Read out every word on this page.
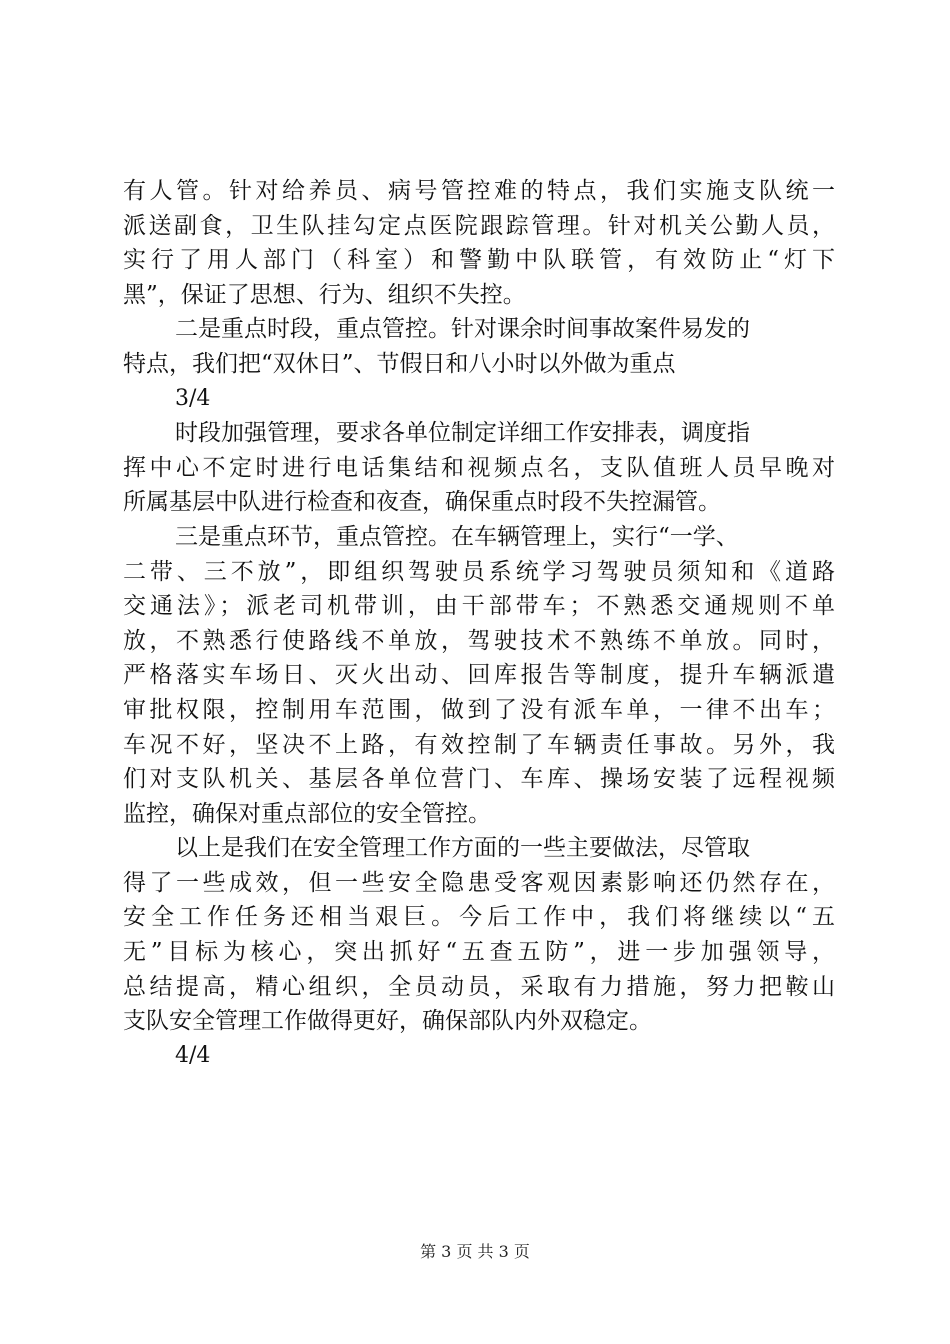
有人管。针对给养员、病号管控难的特点，我们实施支队统一
派送副食，卫生队挂勾定点医院跟踪管理。针对机关公勤人员，
实行了用人部门（科室）和警勤中队联管，有效防止“灯下
黑”，保证了思想、行为、组织不失控。
二是重点时段，重点管控。针对课余时间事故案件易发的
特点，我们把“双休日”、节假日和八小时以外做为重点
3/4
时段加强管理，要求各单位制定详细工作安排表，调度指
挥中心不定时进行电话集结和视频点名，支队值班人员早晚对
所属基层中队进行检查和夜查，确保重点时段不失控漏管。
三是重点环节，重点管控。在车辆管理上，实行“一学、
二带、三不放”，即组织驾驶员系统学习驾驶员须知和《道路
交通法》；派老司机带训，由干部带车；不熟悉交通规则不单
放，不熟悉行使路线不单放，驾驶技术不熟练不单放。同时，
严格落实车场日、灭火出动、回库报告等制度，提升车辆派遣
审批权限，控制用车范围，做到了没有派车单，一律不出车；
车况不好，坚决不上路，有效控制了车辆责任事故。另外，我
们对支队机关、基层各单位营门、车库、操场安装了远程视频
监控，确保对重点部位的安全管控。
以上是我们在安全管理工作方面的一些主要做法，尽管取
得了一些成效，但一些安全隐患受客观因素影响还仍然存在，
安全工作任务还相当艰巨。今后工作中，我们将继续以“五
无”目标为核心，突出抓好“五查五防”，进一步加强领导，
总结提高，精心组织，全员动员，采取有力措施，努力把鞍山
支队安全管理工作做得更好，确保部队内外双稳定。
4/4
第 3 页 共 3 页
